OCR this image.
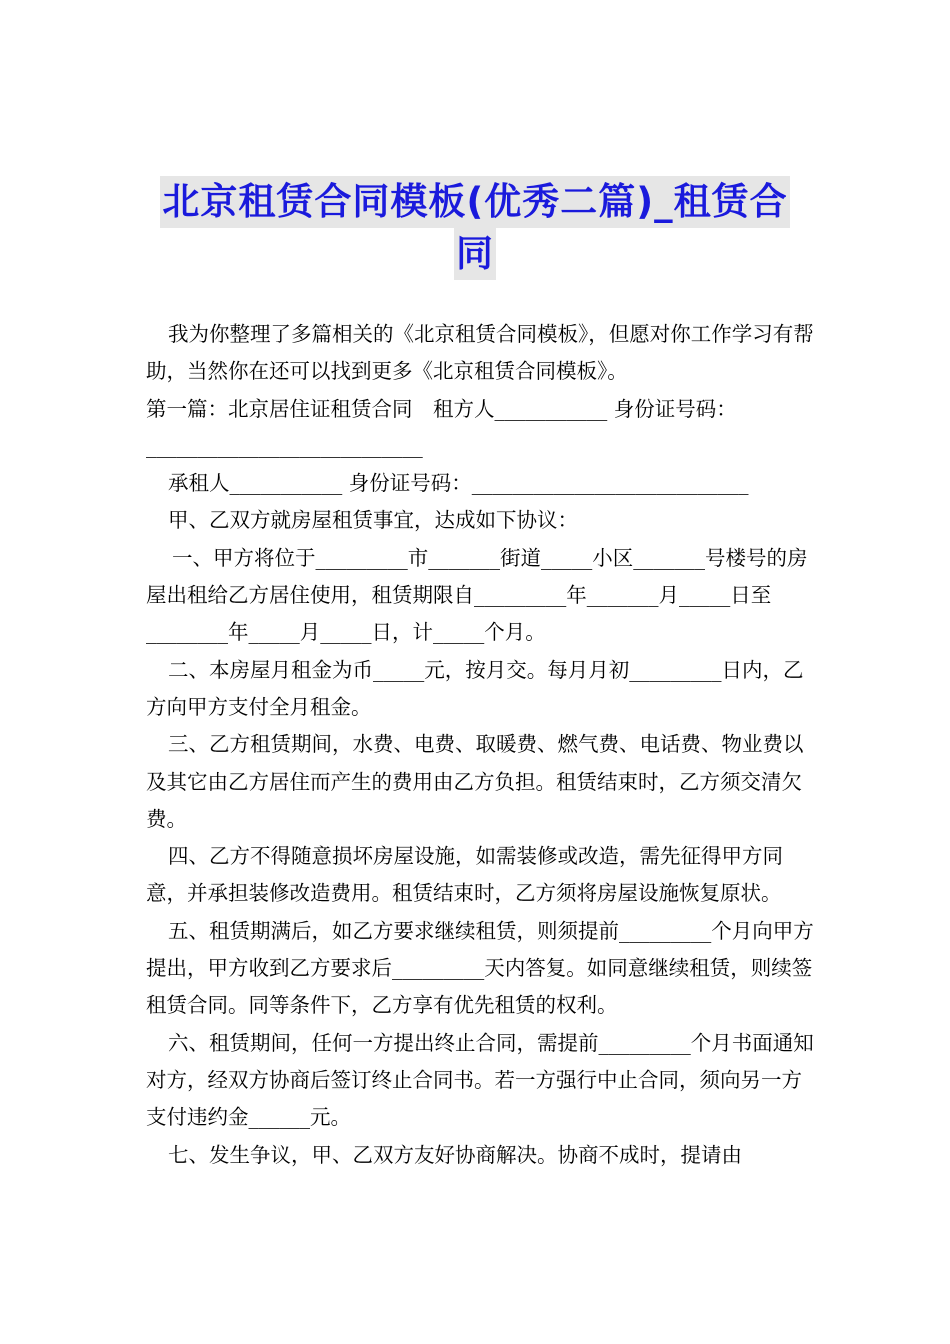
北京租赁合同模板(优秀二篇)_租赁合
同

我为你整理了多篇相关的《北京租赁合同模板》，但愿对你工作学习有帮助，当然你在还可以找到更多《北京租赁合同模板》。

第一篇：北京居住证租赁合同　租方人___________ 身份证号码：___________________________

承租人___________ 身份证号码：___________________________

甲、乙双方就房屋租赁事宜，达成如下协议：

一、甲方将位于_________市_______街道_____小区_______号楼号的房屋出租给乙方居住使用，租赁期限自_________年_______月_____日至________年_____月_____日，计_____个月。

二、本房屋月租金为币_____元，按月交。每月月初_________日内，乙方向甲方支付全月租金。

三、乙方租赁期间，水费、电费、取暖费、燃气费、电话费、物业费以及其它由乙方居住而产生的费用由乙方负担。租赁结束时，乙方须交清欠费。

四、乙方不得随意损坏房屋设施，如需装修或改造，需先征得甲方同意，并承担装修改造费用。租赁结束时，乙方须将房屋设施恢复原状。

五、租赁期满后，如乙方要求继续租赁，则须提前_________个月向甲方提出，甲方收到乙方要求后_________天内答复。如同意继续租赁，则续签租赁合同。同等条件下，乙方享有优先租赁的权利。

六、租赁期间，任何一方提出终止合同，需提前_________个月书面通知对方，经双方协商后签订终止合同书。若一方强行中止合同，须向另一方支付违约金______元。

七、发生争议，甲、乙双方友好协商解决。协商不成时，提请由
